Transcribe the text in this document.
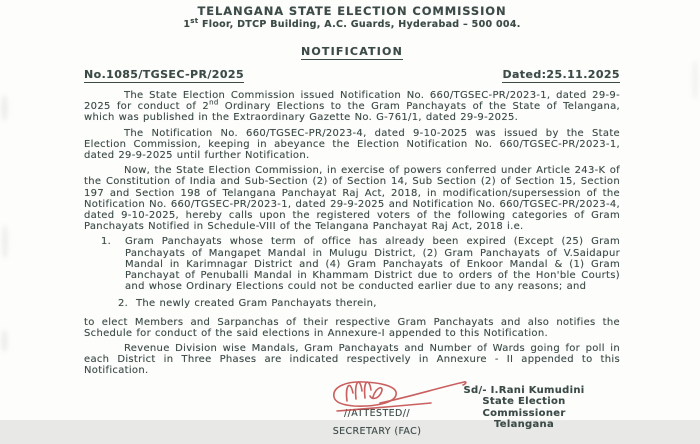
TELANGANA STATE ELECTION COMMISSION
1st Floor, DTCP Building, A.C. Guards, Hyderabad – 500 004.
NOTIFICATION
No.1085/TGSEC-PR/2025	Dated:25.11.2025

The State Election Commission issued Notification No. 660/TGSEC-PR/2023-1, dated 29-9-2025 for conduct of 2nd Ordinary Elections to the Gram Panchayats of the State of Telangana, which was published in the Extraordinary Gazette No. G-761/1, dated 29-9-2025.

The Notification No. 660/TGSEC-PR/2023-4, dated 9-10-2025 was issued by the State Election Commission, keeping in abeyance the Election Notification No. 660/TGSEC-PR/2023-1, dated 29-9-2025 until further Notification.

Now, the State Election Commission, in exercise of powers conferred under Article 243-K of the Constitution of India and Sub-Section (2) of Section 14, Sub Section (2) of Section 15, Section 197 and Section 198 of Telangana Panchayat Raj Act, 2018, in modification/supersession of the Notification No. 660/TGSEC-PR/2023-1, dated 29-9-2025 and Notification No. 660/TGSEC-PR/2023-4, dated 9-10-2025, hereby calls upon the registered voters of the following categories of Gram Panchayats Notified in Schedule-VIII of the Telangana Panchayat Raj Act, 2018 i.e.

1.	Gram Panchayats whose term of office has already been expired (Except (25) Gram Panchayats of Mangapet Mandal in Mulugu District, (2) Gram Panchayats of V.Saidapur Mandal in Karimnagar District and (4) Gram Panchayats of Enkoor Mandal & (1) Gram Panchayat of Penuballi Mandal in Khammam District due to orders of the Hon'ble Courts) and whose Ordinary Elections could not be conducted earlier due to any reasons; and
2. The newly created Gram Panchayats therein,

to elect Members and Sarpanchas of their respective Gram Panchayats and also notifies the Schedule for conduct of the said elections in Annexure-I appended to this Notification.

Revenue Division wise Mandals, Gram Panchayats and Number of Wards going for poll in each District in Three Phases are indicated respectively in Annexure - II appended to this Notification.

Sd/- I.Rani Kumudini
State Election Commissioner
Telangana
//ATTESTED//
SECRETARY (FAC)
